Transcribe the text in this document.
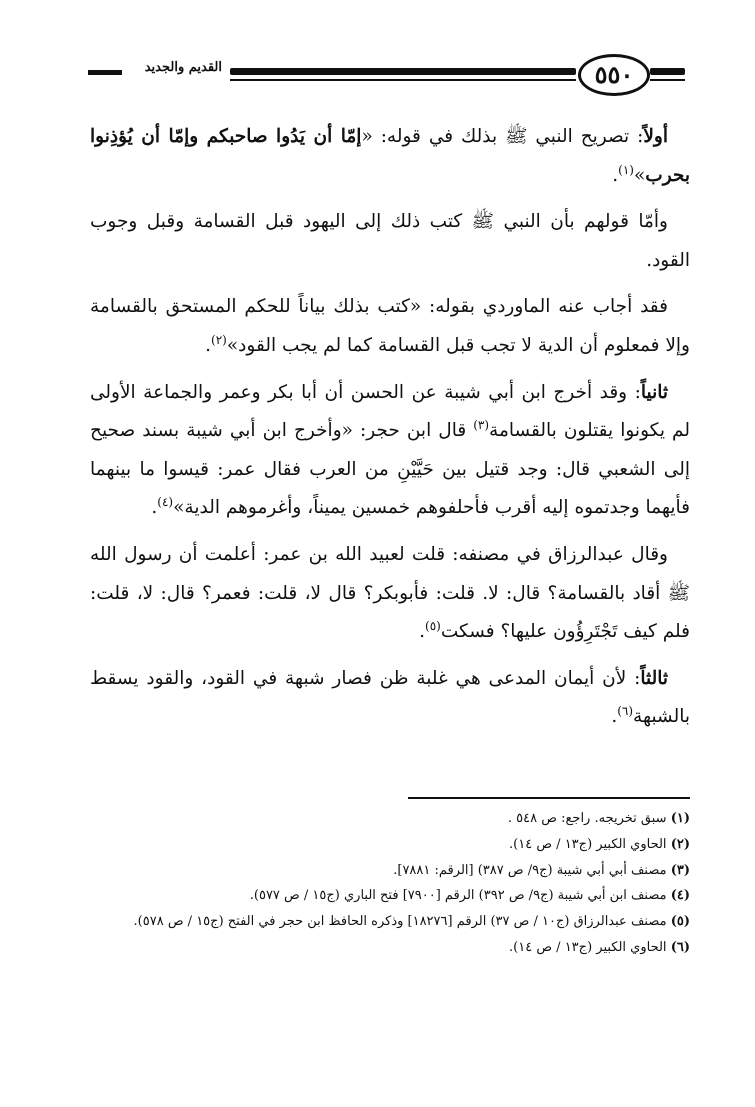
٥٥٠
القديم والجديد

أولاً: تصريح النبي ﷺ بذلك في قوله: «إمّا أن يَدُوا صاحبكم وإمّا أن يُؤذِنوا بحرب»$^{(١)}$.

وأمّا قولهم بأن النبي ﷺ كتب ذلك إلى اليهود قبل القسامة وقبل وجوب القود.

فقد أجاب عنه الماوردي بقوله: «كتب بذلك بياناً للحكم المستحق بالقسامة وإلا فمعلوم أن الدية لا تجب قبل القسامة كما لم يجب القود»$^{(٢)}$.

ثانياً: وقد أخرج ابن أبي شيبة عن الحسن أن أبا بكر وعمر والجماعة الأولى لم يكونوا يقتلون بالقسامة$^{(٣)}$ قال ابن حجر: «وأخرج ابن أبي شيبة بسند صحيح إلى الشعبي قال: وجد قتيل بين حَيَّيْنِ من العرب فقال عمر: قيسوا ما بينهما فأيهما وجدتموه إليه أقرب فأحلفوهم خمسين يميناً، وأغرموهم الدية»$^{(٤)}$.

وقال عبدالرزاق في مصنفه: قلت لعبيد الله بن عمر: أعلمت أن رسول الله ﷺ أقاد بالقسامة؟ قال: لا. قلت: فأبوبكر؟ قال لا، قلت: فعمر؟ قال: لا، قلت: فلم كيف تَجْتَرِؤُون عليها؟ فسكت$^{(٥)}$.

ثالثاً: لأن أيمان المدعى هي غلبة ظن فصار شبهة في القود، والقود يسقط بالشبهة$^{(٦)}$.

(١) سبق تخريجه. راجع: ص ٥٤٨ .

(٢) الحاوي الكبير (ج١٣ / ص ١٤).

(٣) مصنف أبي أبي شيبة (ج٩/ ص ٣٨٧) [الرقم: ٧٨٨١].

(٤) مصنف ابن أبي شيبة (ج٩/ ص ٣٩٢) الرقم [٧٩٠٠] فتح الباري (ج١٥ / ص ٥٧٧).

(٥) مصنف عبدالرزاق (ج١٠ / ص ٣٧) الرقم [١٨٢٧٦] وذكره الحافظ ابن حجر في الفتح (ج١٥ / ص ٥٧٨).

(٦) الحاوي الكبير (ج١٣ / ص ١٤).
